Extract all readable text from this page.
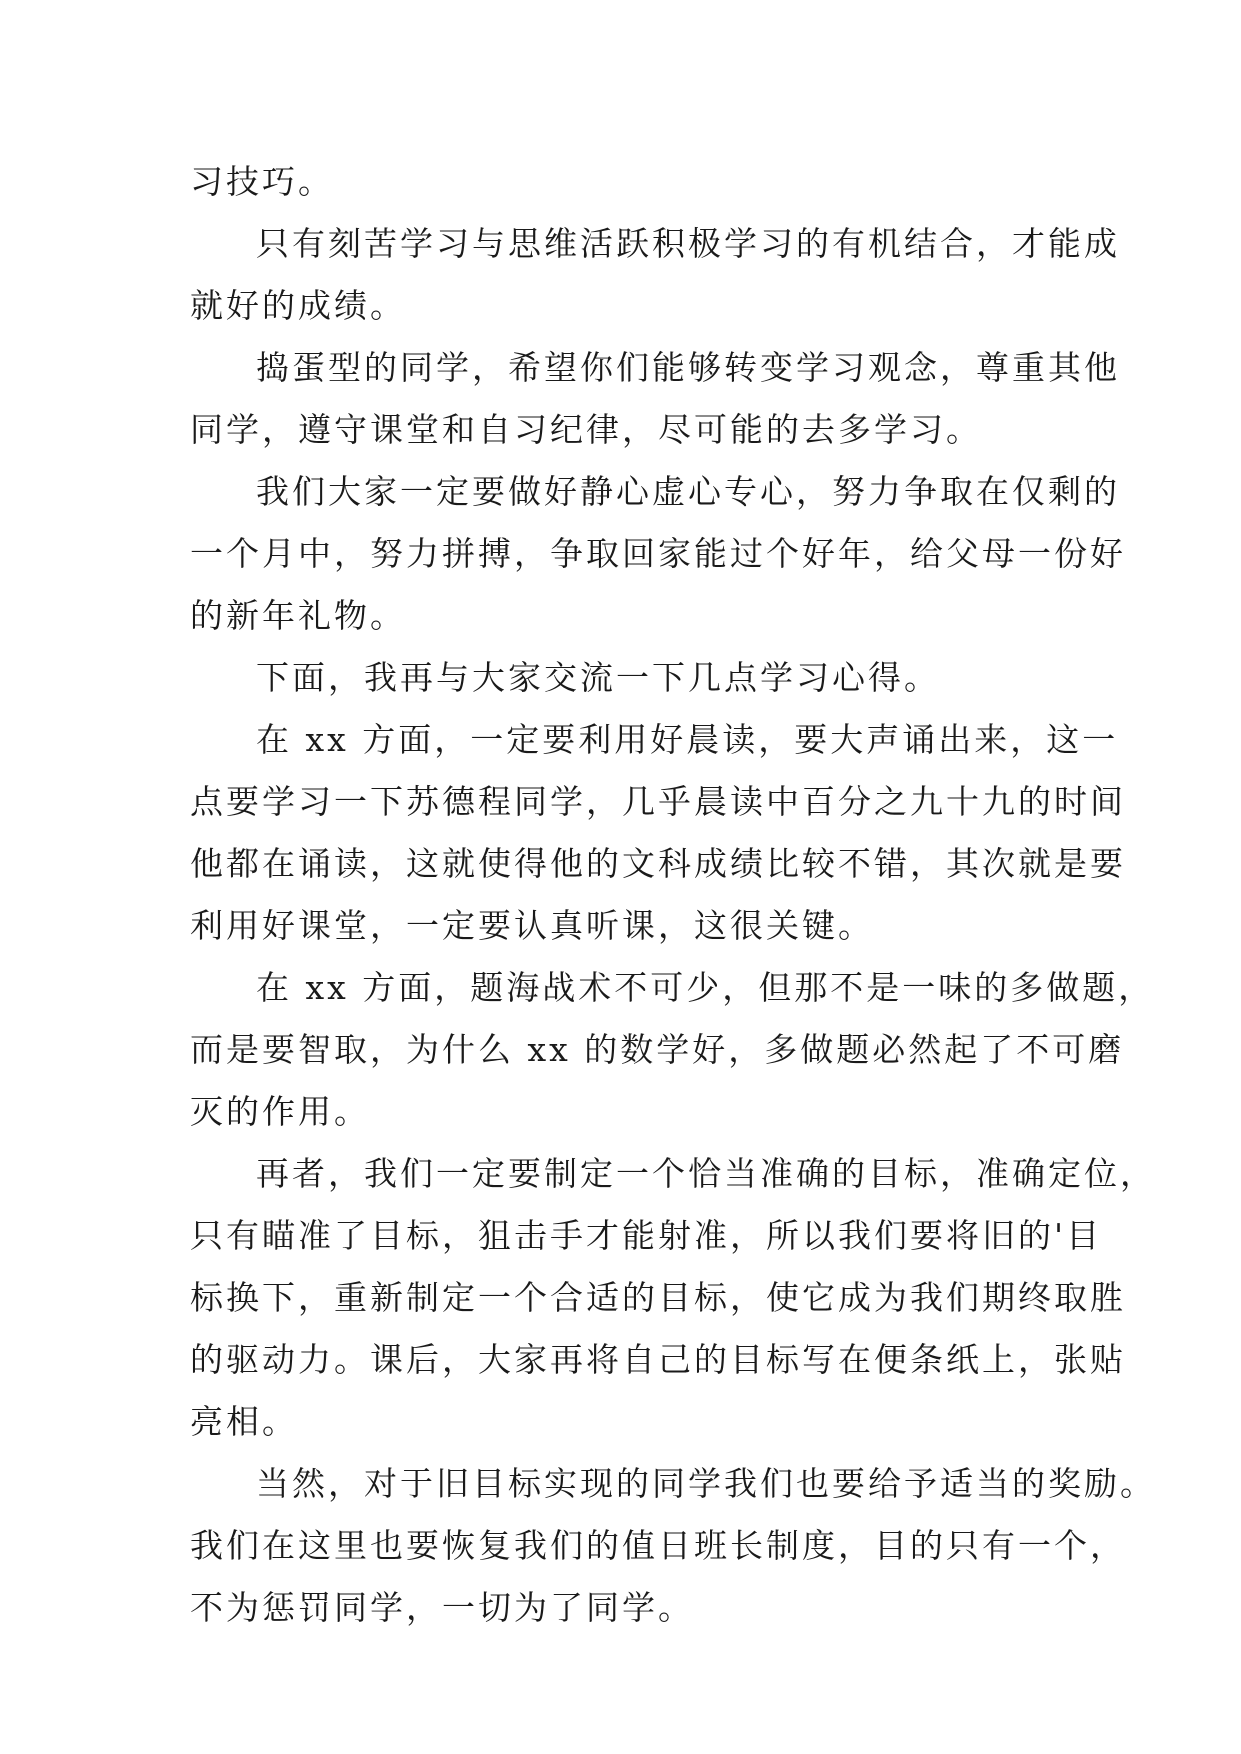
习技巧。
只有刻苦学习与思维活跃积极学习的有机结合，才能成
就好的成绩。
捣蛋型的同学，希望你们能够转变学习观念，尊重其他
同学，遵守课堂和自习纪律，尽可能的去多学习。
我们大家一定要做好静心虚心专心，努力争取在仅剩的
一个月中，努力拼搏，争取回家能过个好年，给父母一份好
的新年礼物。
下面，我再与大家交流一下几点学习心得。
在 xx 方面，一定要利用好晨读，要大声诵出来，这一
点要学习一下苏德程同学，几乎晨读中百分之九十九的时间
他都在诵读，这就使得他的文科成绩比较不错，其次就是要
利用好课堂，一定要认真听课，这很关键。
在 xx 方面，题海战术不可少，但那不是一味的多做题，
而是要智取，为什么 xx 的数学好，多做题必然起了不可磨
灭的作用。
再者，我们一定要制定一个恰当准确的目标，准确定位，
只有瞄准了目标，狙击手才能射准，所以我们要将旧的'目
标换下，重新制定一个合适的目标，使它成为我们期终取胜
的驱动力。课后，大家再将自己的目标写在便条纸上，张贴
亮相。
当然，对于旧目标实现的同学我们也要给予适当的奖励。
我们在这里也要恢复我们的值日班长制度，目的只有一个，
不为惩罚同学，一切为了同学。
